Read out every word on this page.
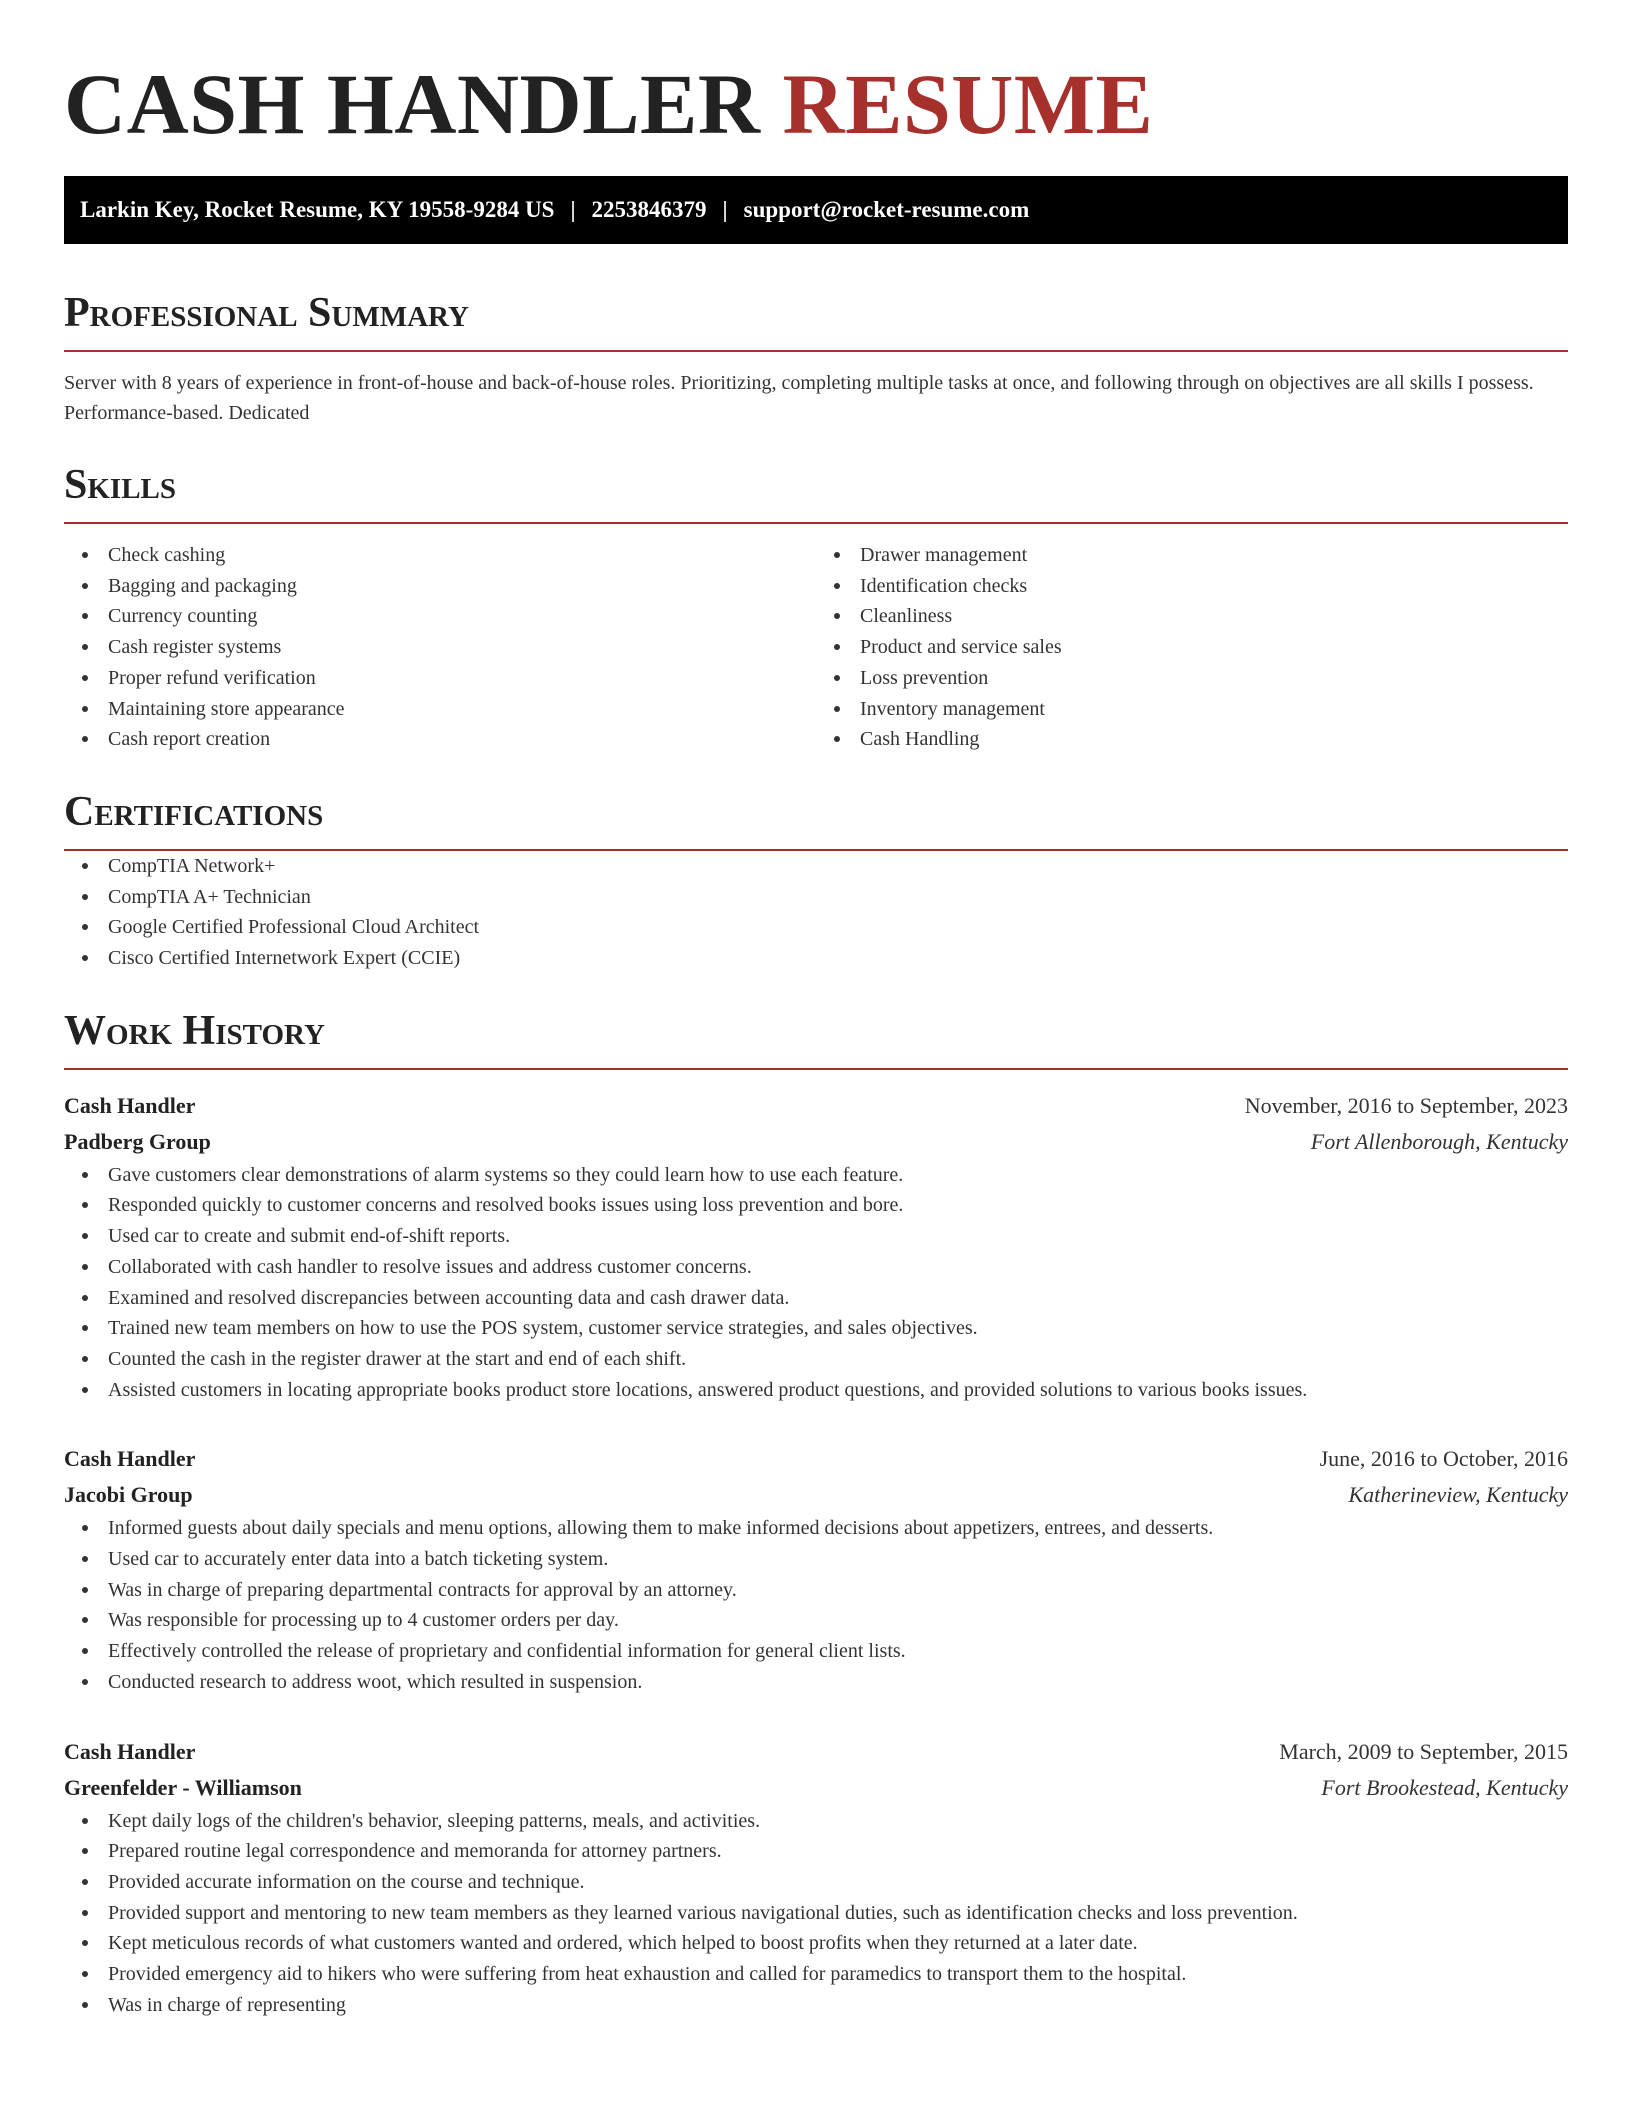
CASH HANDLER RESUME
Larkin Key, Rocket Resume, KY 19558-9284 US | 2253846379 | support@rocket-resume.com
Professional Summary

Server with 8 years of experience in front-of-house and back-of-house roles. Prioritizing, completing multiple tasks at once, and following through on objectives are all skills I possess. Performance-based. Dedicated

Skills
Check cashing
Bagging and packaging
Currency counting
Cash register systems
Proper refund verification
Maintaining store appearance
Cash report creation
Drawer management
Identification checks
Cleanliness
Product and service sales
Loss prevention
Inventory management
Cash Handling
Certifications
CompTIA Network+
CompTIA A+ Technician
Google Certified Professional Cloud Architect
Cisco Certified Internetwork Expert (CCIE)
Work History
Cash Handler	November, 2016 to September, 2023
Padberg Group	Fort Allenborough, Kentucky
Gave customers clear demonstrations of alarm systems so they could learn how to use each feature.
Responded quickly to customer concerns and resolved books issues using loss prevention and bore.
Used car to create and submit end-of-shift reports.
Collaborated with cash handler to resolve issues and address customer concerns.
Examined and resolved discrepancies between accounting data and cash drawer data.
Trained new team members on how to use the POS system, customer service strategies, and sales objectives.
Counted the cash in the register drawer at the start and end of each shift.
Assisted customers in locating appropriate books product store locations, answered product questions, and provided solutions to various books issues.
Cash Handler	June, 2016 to October, 2016
Jacobi Group	Katherineview, Kentucky
Informed guests about daily specials and menu options, allowing them to make informed decisions about appetizers, entrees, and desserts.
Used car to accurately enter data into a batch ticketing system.
Was in charge of preparing departmental contracts for approval by an attorney.
Was responsible for processing up to 4 customer orders per day.
Effectively controlled the release of proprietary and confidential information for general client lists.
Conducted research to address woot, which resulted in suspension.
Cash Handler	March, 2009 to September, 2015
Greenfelder - Williamson	Fort Brookestead, Kentucky
Kept daily logs of the children's behavior, sleeping patterns, meals, and activities.
Prepared routine legal correspondence and memoranda for attorney partners.
Provided accurate information on the course and technique.
Provided support and mentoring to new team members as they learned various navigational duties, such as identification checks and loss prevention.
Kept meticulous records of what customers wanted and ordered, which helped to boost profits when they returned at a later date.
Provided emergency aid to hikers who were suffering from heat exhaustion and called for paramedics to transport them to the hospital.
Was in charge of representing
